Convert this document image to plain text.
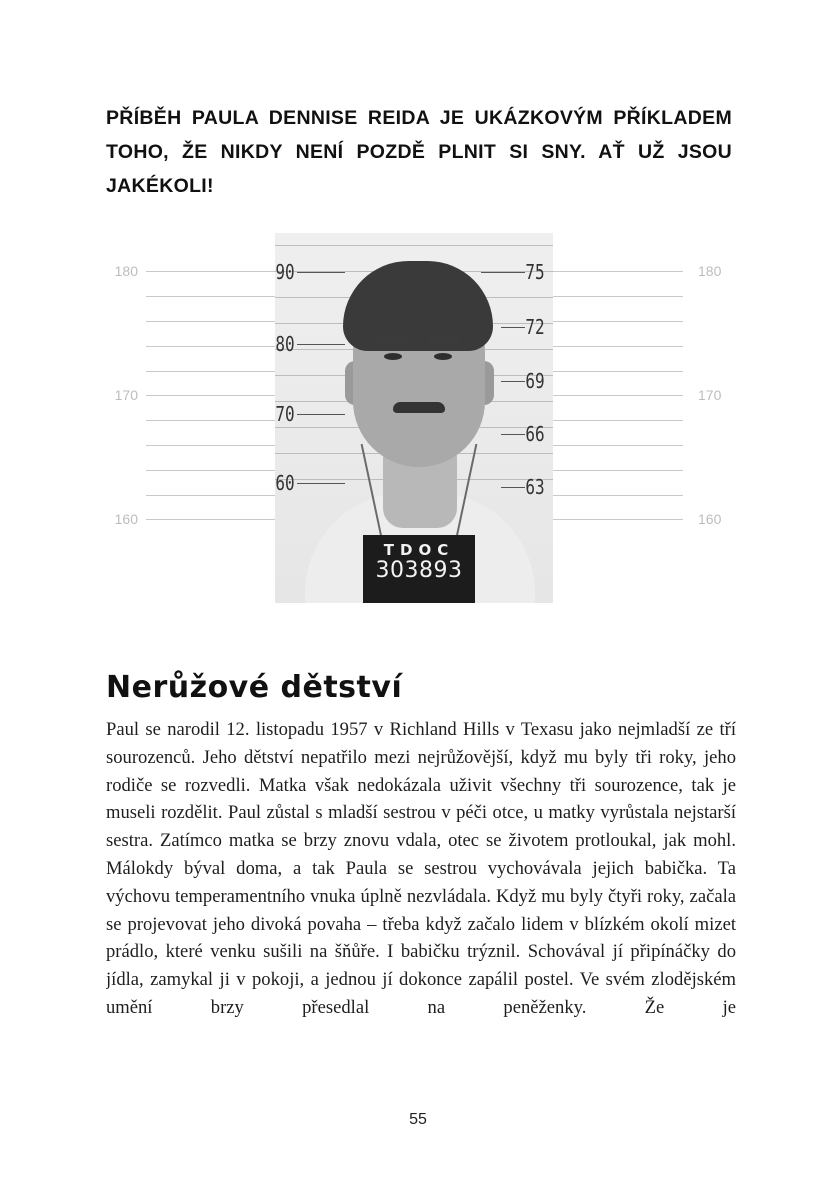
PŘÍBĚH PAULA DENNISE REIDA JE UKÁZKOVÝM PŘÍKLADEM TOHO, ŽE NIKDY NENÍ POZDĚ PLNIT SI SNY. AŤ UŽ JSOU JAKÉKOLI!
180
170
160
180
170
160
90
80
70
60
75
72
69
66
63
TDOC
303893
Nerůžové dětství
Paul se narodil 12. listopadu 1957 v Richland Hills v Texasu jako nejmladší ze tří sourozenců. Jeho dětství nepatřilo mezi nejrůžovější, když mu byly tři roky, jeho rodiče se rozvedli. Matka však nedokázala uživit všechny tři sourozence, tak je museli rozdělit. Paul zůstal s mladší sestrou v péči otce, u matky vyrůstala nejstarší sestra. Zatímco matka se brzy znovu vdala, otec se životem protloukal, jak mohl. Málokdy býval doma, a tak Paula se sestrou vychovávala jejich babička. Ta výchovu temperamentního vnuka úplně nezvládala. Když mu byly čtyři roky, začala se projevovat jeho divoká povaha – třeba když začalo lidem v blízkém okolí mizet prádlo, které venku sušili na šňůře. I babičku trýznil. Schovával jí připínáčky do jídla, zamykal ji v pokoji, a jednou jí dokonce zapálil postel. Ve svém zlodějském umění brzy přesedlal na peněženky. Že je
55
